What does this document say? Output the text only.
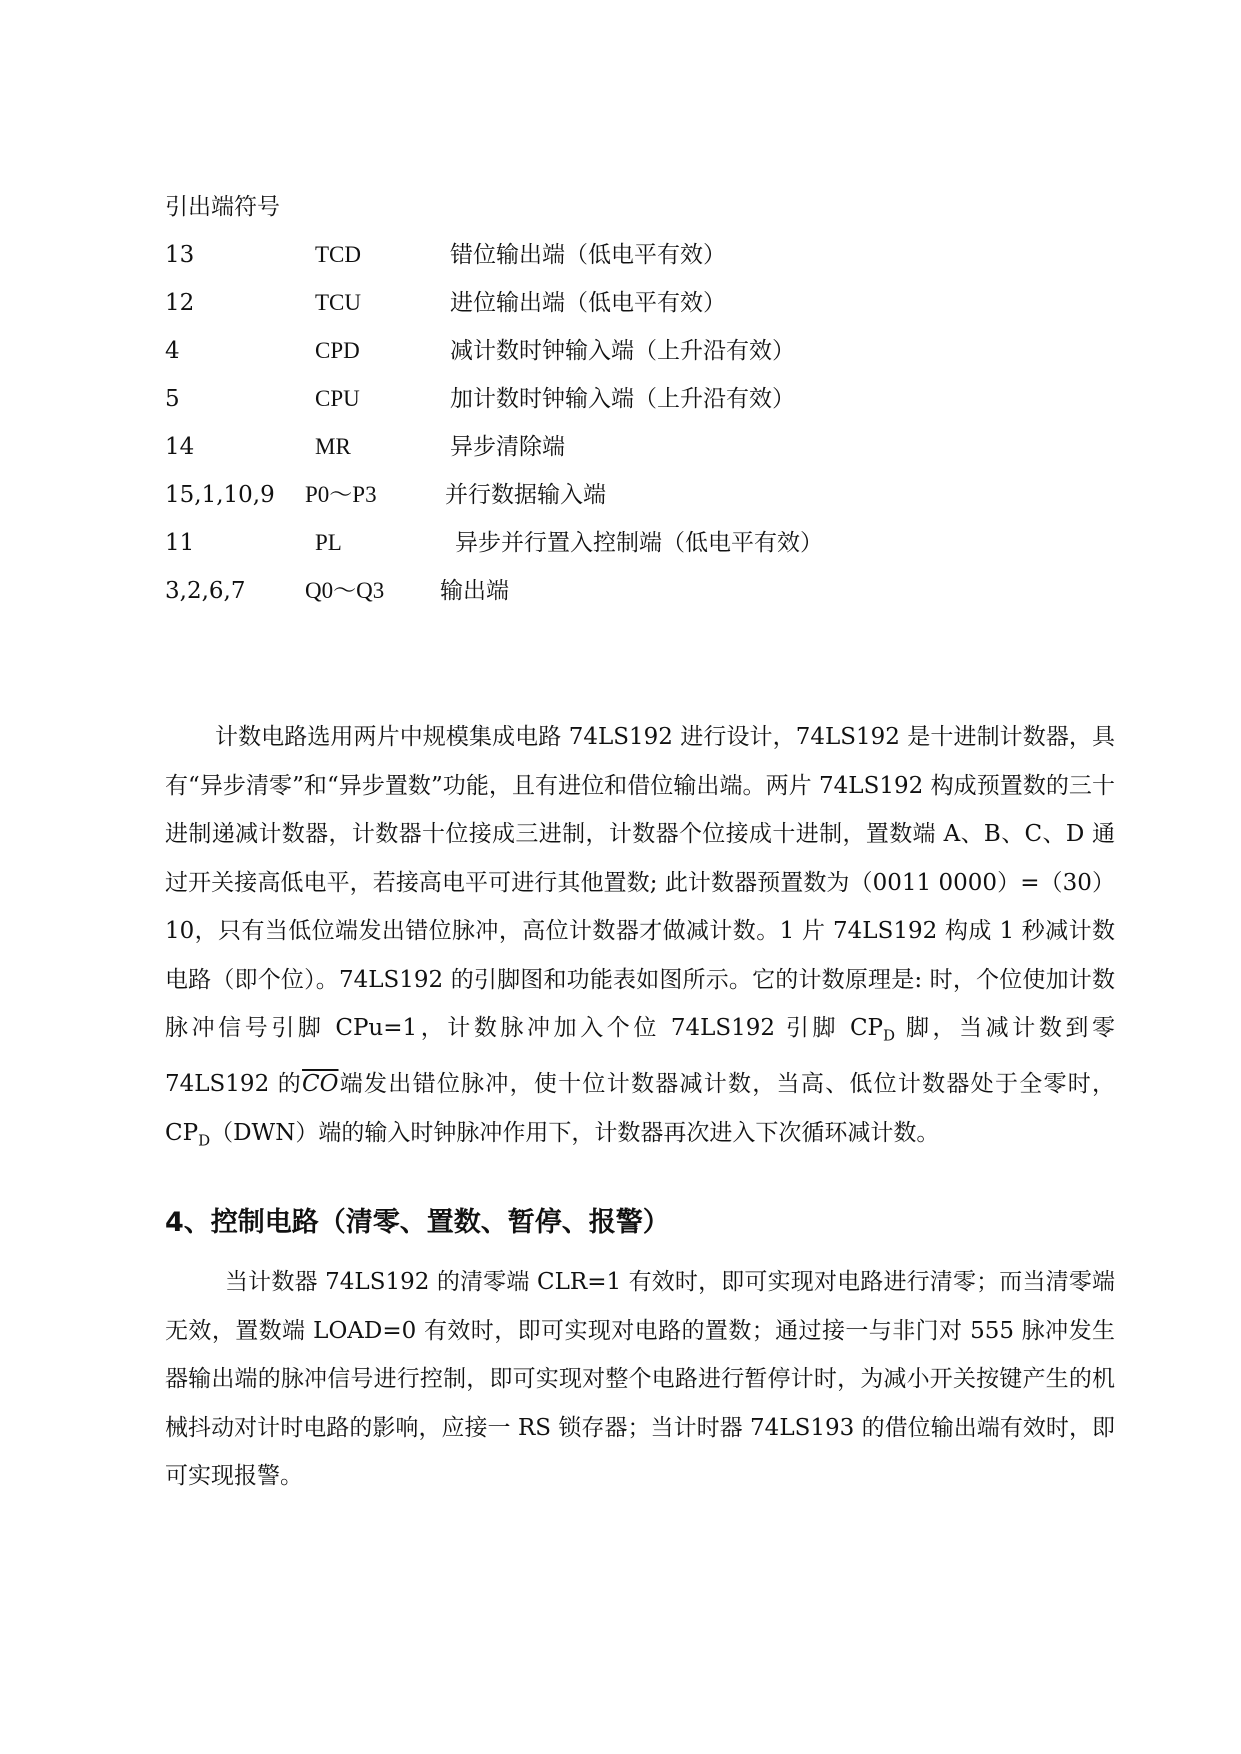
引出端符号
13	TCD	错位输出端（低电平有效）
12	TCU	进位输出端（低电平有效）
4	CPD	减计数时钟输入端（上升沿有效）
5	CPU	加计数时钟输入端（上升沿有效）
14	MR	异步清除端
15,1,10,9 P0～P3	并行数据输入端
11	PL	异步并行置入控制端（低电平有效）
3,2,6,7	Q0～Q3 输出端

计数电路选用两片中规模集成电路 74LS192 进行设计，74LS192 是十进制计数器，具有“异步清零”和“异步置数”功能，且有进位和借位输出端。两片 74LS192 构成预置数的三十进制递减计数器，计数器十位接成三进制，计数器个位接成十进制，置数端 A、B、C、D 通过开关接高低电平，若接高电平可进行其他置数; 此计数器预置数为（0011 0000）=（30）10，只有当低位端发出错位脉冲，高位计数器才做减计数。1 片 74LS192 构成 1 秒减计数电路（即个位）。74LS192 的引脚图和功能表如图所示。它的计数原理是: 时，个位使加计数脉冲信号引脚 CPu=1，计数脉冲加入个位 74LS192 引脚 $CP_D$ 脚，当减计数到零 74LS192 的$\overline{CO}$端发出错位脉冲，使十位计数器减计数，当高、低位计数器处于全零时，$CP_D(DWN)$端的输入时钟脉冲作用下，计数器再次进入下次循环减计数。

4、控制电路（清零、置数、暂停、报警）

当计数器 74LS192 的清零端 CLR=1 有效时，即可实现对电路进行清零；而当清零端无效，置数端 LOAD=0 有效时，即可实现对电路的置数；通过接一与非门对 555 脉冲发生器输出端的脉冲信号进行控制，即可实现对整个电路进行暂停计时，为减小开关按键产生的机械抖动对计时电路的影响，应接一 RS 锁存器；当计时器 74LS193 的借位输出端有效时，即可实现报警。
